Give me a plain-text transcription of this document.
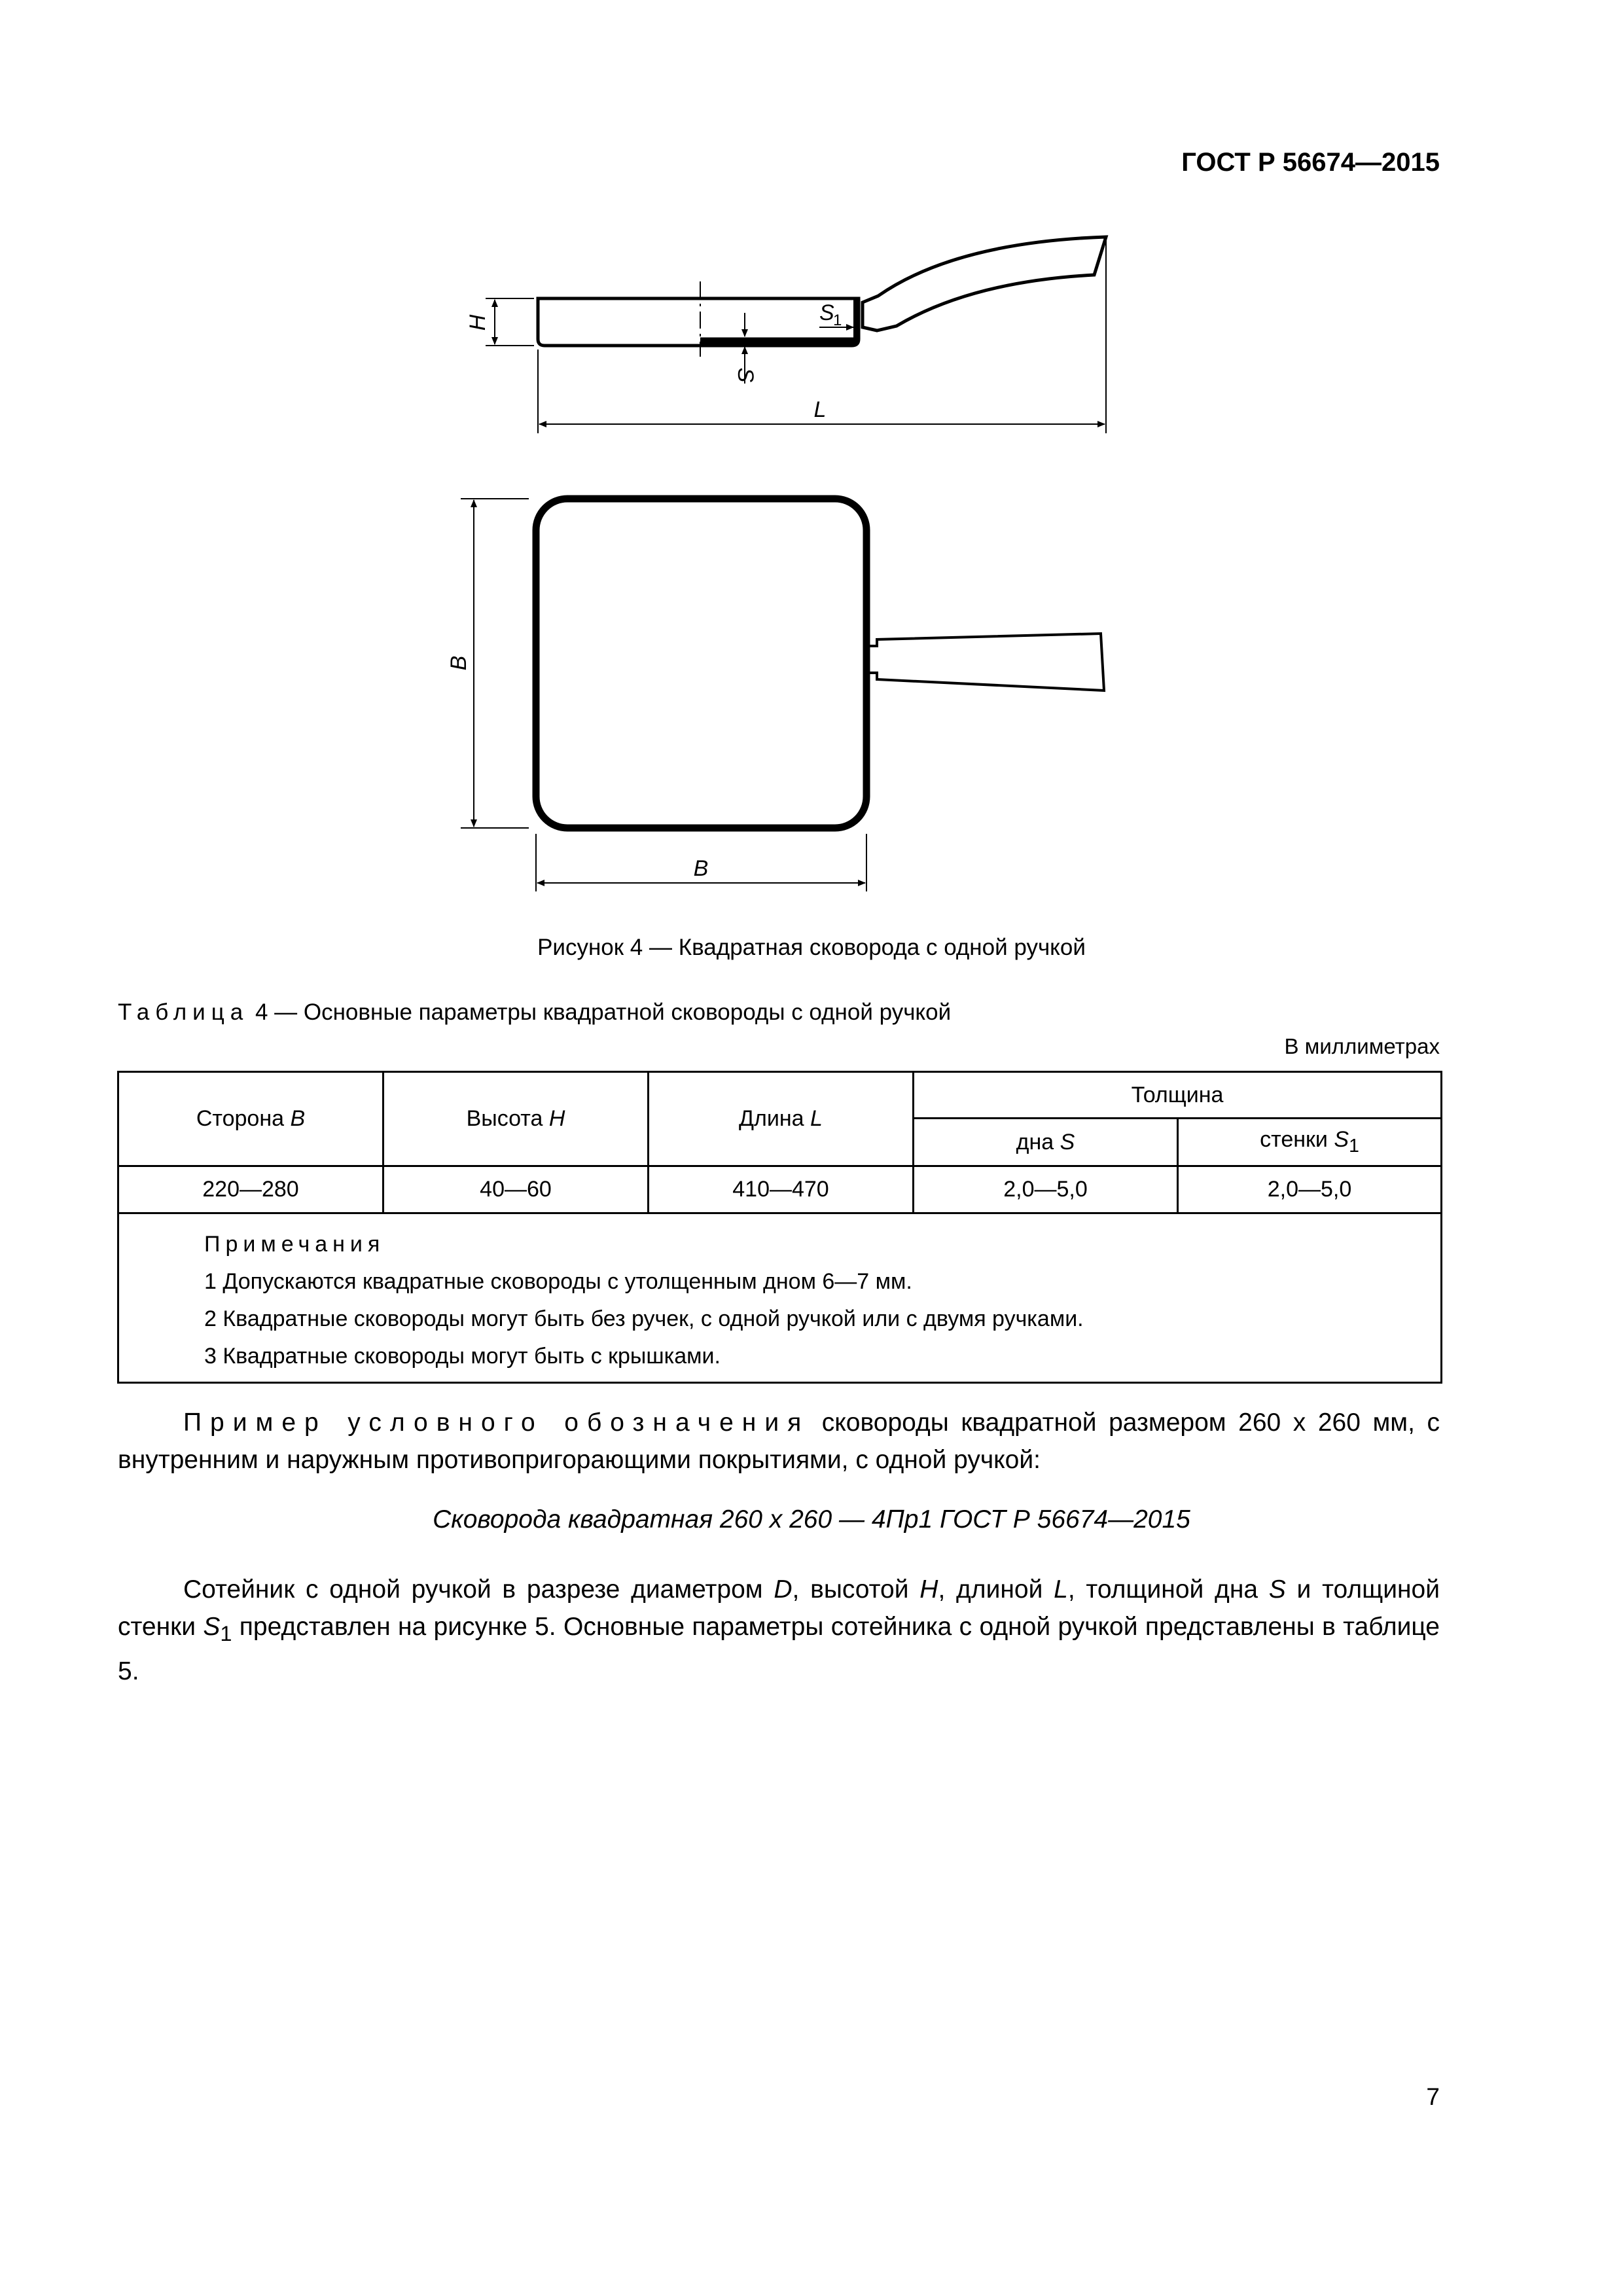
ГОСТ Р 56674—2015
H
S
S
1
L
B
B
Рисунок 4 — Квадратная сковорода с одной ручкой
Таблица 4 — Основные параметры квадратной сковороды с одной ручкой
В миллиметрах
Сторона B	Высота H	Длина L	Толщина	
			дна S	стенки $S_1$
220—280	40—60	410—470	2,0—5,0	2,0—5,0

Примечания
1 Допускаются квадратные сковороды с утолщенным дном 6—7 мм.
2 Квадратные сковороды могут быть без ручек, с одной ручкой или с двумя ручками.
3 Квадратные сковороды могут быть с крышками.				
Пример условного обозначения сковороды квадратной размером 260 х 260 мм, с внутренним и наружным противопригорающими покрытиями, с одной ручкой:
Сковорода квадратная 260 х 260 — 4Пр1 ГОСТ Р 56674—2015
Сотейник с одной ручкой в разрезе диаметром D, высотой H, длиной L, толщиной дна S и толщиной стенки $S_1$ представлен на рисунке 5. Основные параметры сотейника с одной ручкой представлены в таблице 5.
7
